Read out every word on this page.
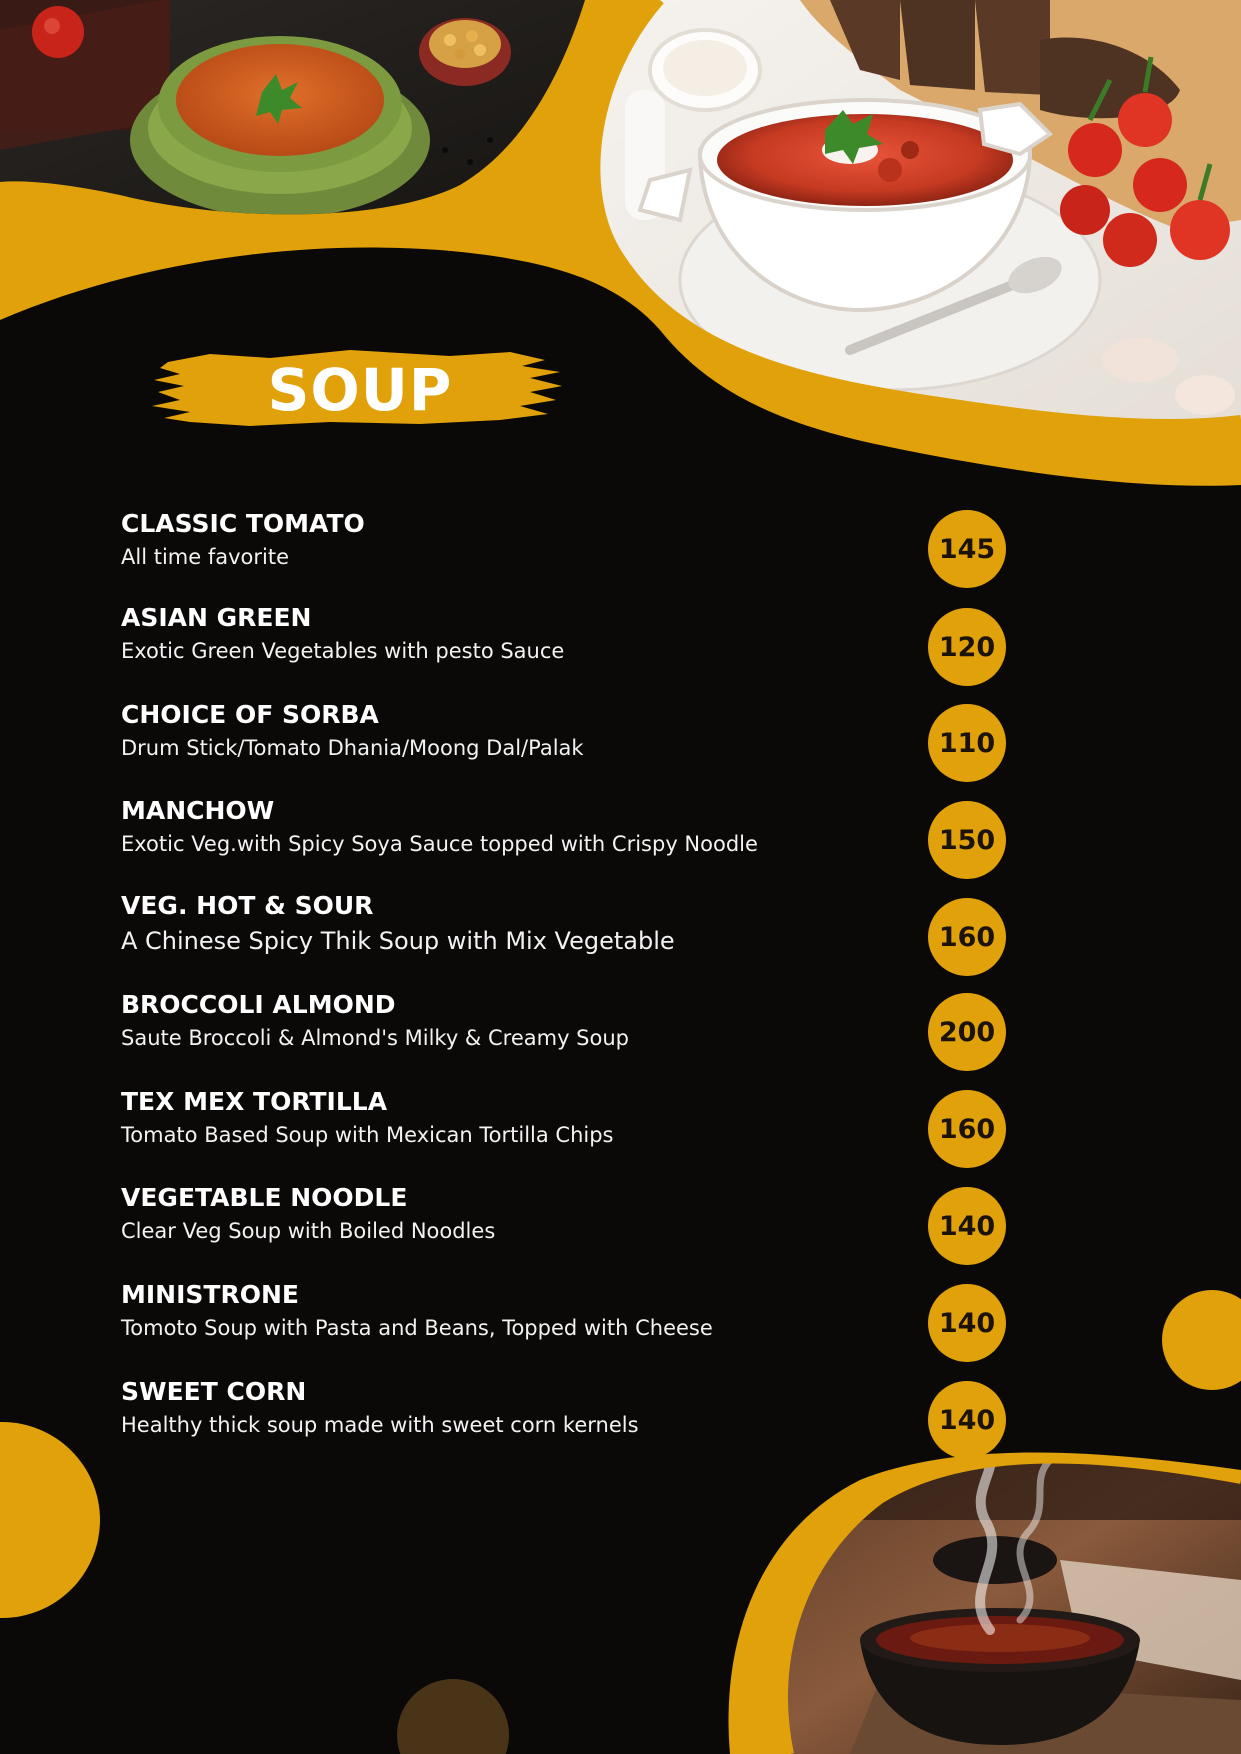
SOUP
CLASSIC TOMATO
All time favorite	145
ASIAN GREEN
Exotic Green Vegetables with pesto Sauce	120
CHOICE OF SORBA
Drum Stick/Tomato Dhania/Moong Dal/Palak	110
MANCHOW
Exotic Veg.with Spicy Soya Sauce topped with Crispy Noodle	150
VEG. HOT & SOUR
A Chinese Spicy Thik Soup with Mix Vegetable	160
BROCCOLI ALMOND
Saute Broccoli & Almond's Milky & Creamy Soup	200
TEX MEX TORTILLA
Tomato Based Soup with Mexican Tortilla Chips	160
VEGETABLE NOODLE
Clear Veg Soup with Boiled Noodles	140
MINISTRONE
Tomoto Soup with Pasta and Beans, Topped with Cheese	140
SWEET CORN
Healthy thick soup made with sweet corn kernels	140
